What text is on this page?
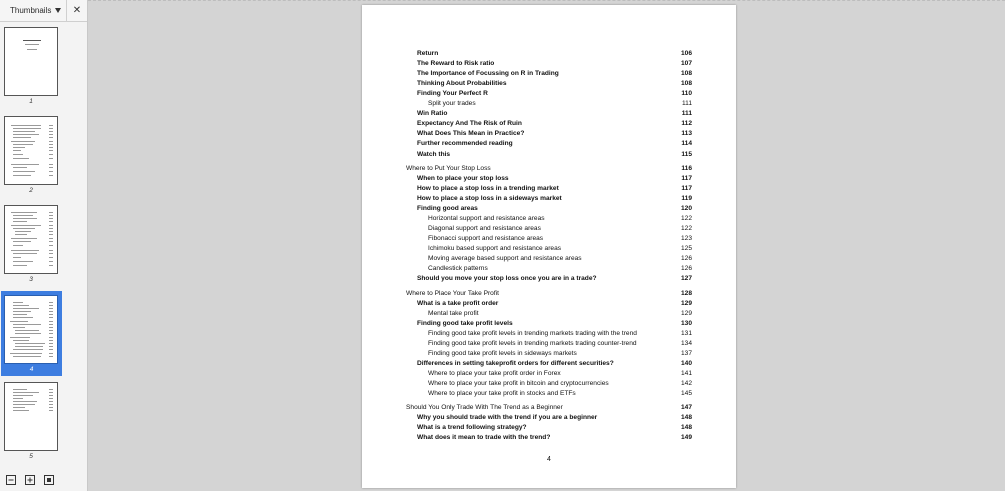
Thumbnails ✕
1
2
3
4
5
Return	106
The Reward to Risk ratio	107
The Importance of Focussing on R in Trading	108
Thinking About Probabilities	108
Finding Your Perfect R	110
Split your trades	111
Win Ratio	111
Expectancy And The Risk of Ruin	112
What Does This Mean in Practice?	113
Further recommended reading	114
Watch this	115
Where to Put Your Stop Loss	116
When to place your stop loss	117
How to place a stop loss in a trending market	117
How to place a stop loss in a sideways market	119
Finding good areas	120
Horizontal support and resistance areas	122
Diagonal support and resistance areas	122
Fibonacci support and resistance areas	123
Ichimoku based support and resistance areas	125
Moving average based support and resistance areas	126
Candlestick patterns	126
Should you move your stop loss once you are in a trade?	127
Where to Place Your Take Profit	128
What is a take profit order	129
Mental take profit	129
Finding good take profit levels	130
Finding good take profit levels in trending markets trading with the trend	131
Finding good take profit levels in trending markets trading counter-trend	134
Finding good take profit levels in sideways markets	137
Differences in setting takeprofit orders for different securities?	140
Where to place your take profit order in Forex	141
Where to place your take profit in bitcoin and cryptocurrencies	142
Where to place your take profit in stocks and ETFs	145
Should You Only Trade With The Trend as a Beginner	147
Why you should trade with the trend if you are a beginner	148
What is a trend following strategy?	148
What does it mean to trade with the trend?	149
4
